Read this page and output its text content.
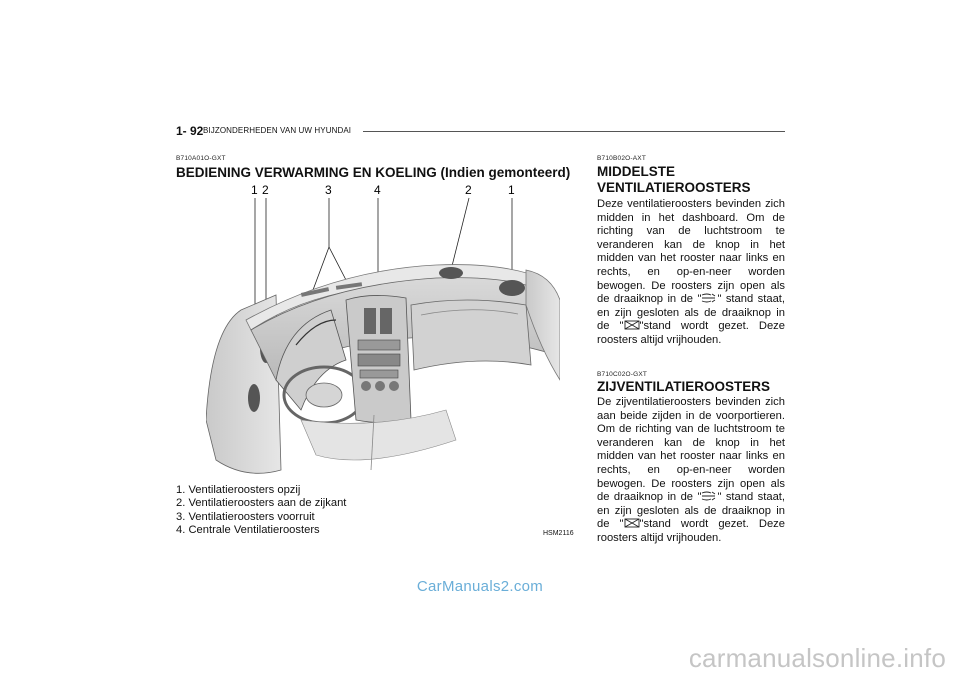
1- 92 BIJZONDERHEDEN VAN UW HYUNDAI
B710A01O-GXT
BEDIENING VERWARMING EN KOELING (Indien gemonteerd)
1 2	3	4	2	1
1. Ventilatieroosters opzij
2. Ventilatieroosters aan de zijkant
3. Ventilatieroosters voorruit
4. Centrale Ventilatieroosters	HSM2116
B710B02O-AXT
MIDDELSTE
VENTILATIEROOSTERS
Deze ventilatieroosters bevinden zich midden in het dashboard. Om de richting van de luchtstroom te veranderen kan de knop in het midden van het rooster naar links en rechts, en op-en-neer worden bewogen. De roosters zijn open als de draaiknop in de " " stand staat, en zijn gesloten als de draaiknop in de " "stand wordt gezet. Deze roosters altijd vrijhouden.
B710C02O-GXT
ZIJVENTILATIEROOSTERS
De zijventilatieroosters bevinden zich aan beide zijden in de voorportieren. Om de richting van de luchtstroom te veranderen kan de knop in het midden van het rooster naar links en rechts, en op-en-neer worden bewogen. De roosters zijn open als de draaiknop in de " " stand staat, en zijn gesloten als de draaiknop in de " "stand wordt gezet. Deze roosters altijd vrijhouden.
CarManuals2.com
carmanualsonline.info
